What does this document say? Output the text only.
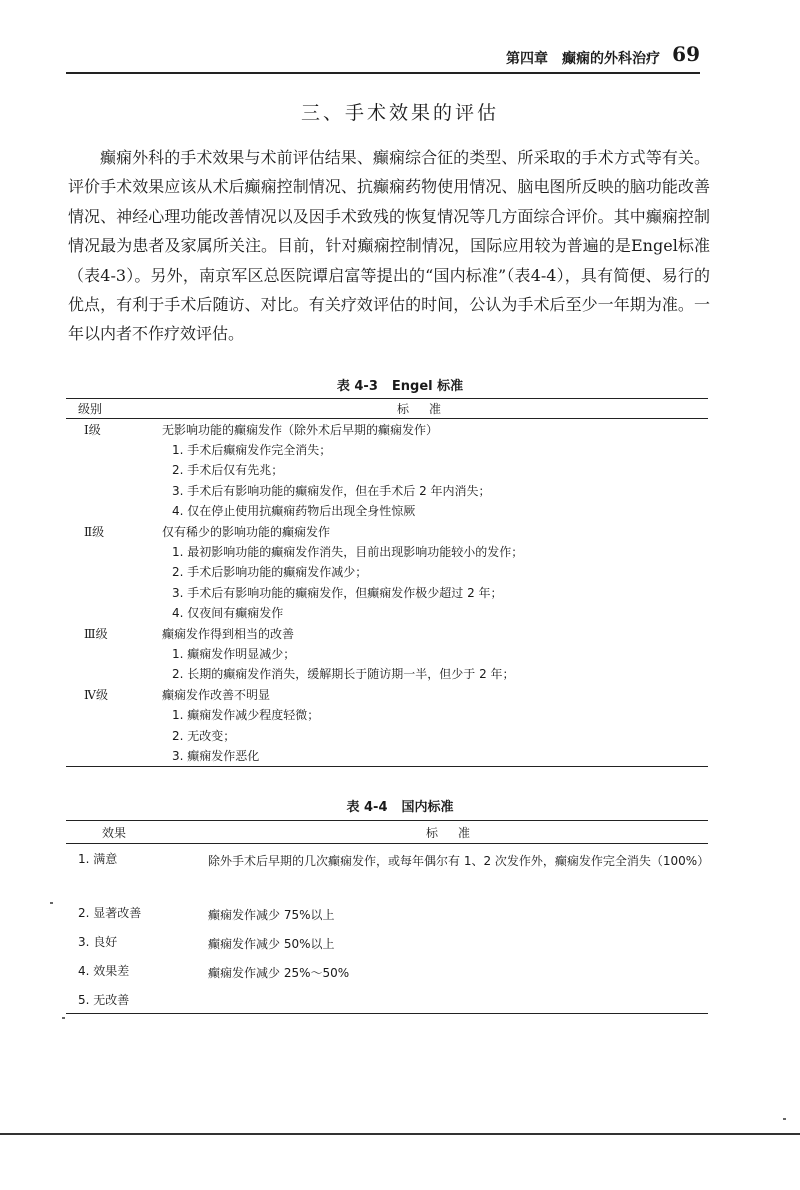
第四章　癫痫的外科治疗 69
三、手术效果的评估

癫痫外科的手术效果与术前评估结果、癫痫综合征的类型、所采取的手术方式等有关。评价手术效果应该从术后癫痫控制情况、抗癫痫药物使用情况、脑电图所反映的脑功能改善情况、神经心理功能改善情况以及因手术致残的恢复情况等几方面综合评价。其中癫痫控制情况最为患者及家属所关注。目前，针对癫痫控制情况，国际应用较为普遍的是Engel标准（表4-3）。另外，南京军区总医院谭启富等提出的“国内标准”（表4-4），具有简便、易行的优点，有利于手术后随访、对比。有关疗效评估的时间，公认为手术后至少一年期为准。一年以内者不作疗效评估。

表 4-3 Engel 标准
级别	标准
Ⅰ级	无影响功能的癫痫发作（除外术后早期的癫痫发作）
	1. 手术后癫痫发作完全消失；
	2. 手术后仅有先兆；
	3. 手术后有影响功能的癫痫发作，但在手术后 2 年内消失；
	4. 仅在停止使用抗癫痫药物后出现全身性惊厥
Ⅱ级	仅有稀少的影响功能的癫痫发作
	1. 最初影响功能的癫痫发作消失，目前出现影响功能较小的发作；
	2. 手术后影响功能的癫痫发作减少；
	3. 手术后有影响功能的癫痫发作，但癫痫发作极少超过 2 年；
	4. 仅夜间有癫痫发作
Ⅲ级	癫痫发作得到相当的改善
	1. 癫痫发作明显减少；
	2. 长期的癫痫发作消失，缓解期长于随访期一半，但少于 2 年；
Ⅳ级	癫痫发作改善不明显
	1. 癫痫发作减少程度轻微；
	2. 无改变；
	3. 癫痫发作恶化
表 4-4 国内标准
效果	标准
1. 满意	除外手术后早期的几次癫痫发作，或每年偶尔有 1、2 次发作外，癫痫发作完全消失（100%）
2. 显著改善	癫痫发作减少 75%以上
3. 良好	癫痫发作减少 50%以上
4. 效果差	癫痫发作减少 25%～50%
5. 无改善	
